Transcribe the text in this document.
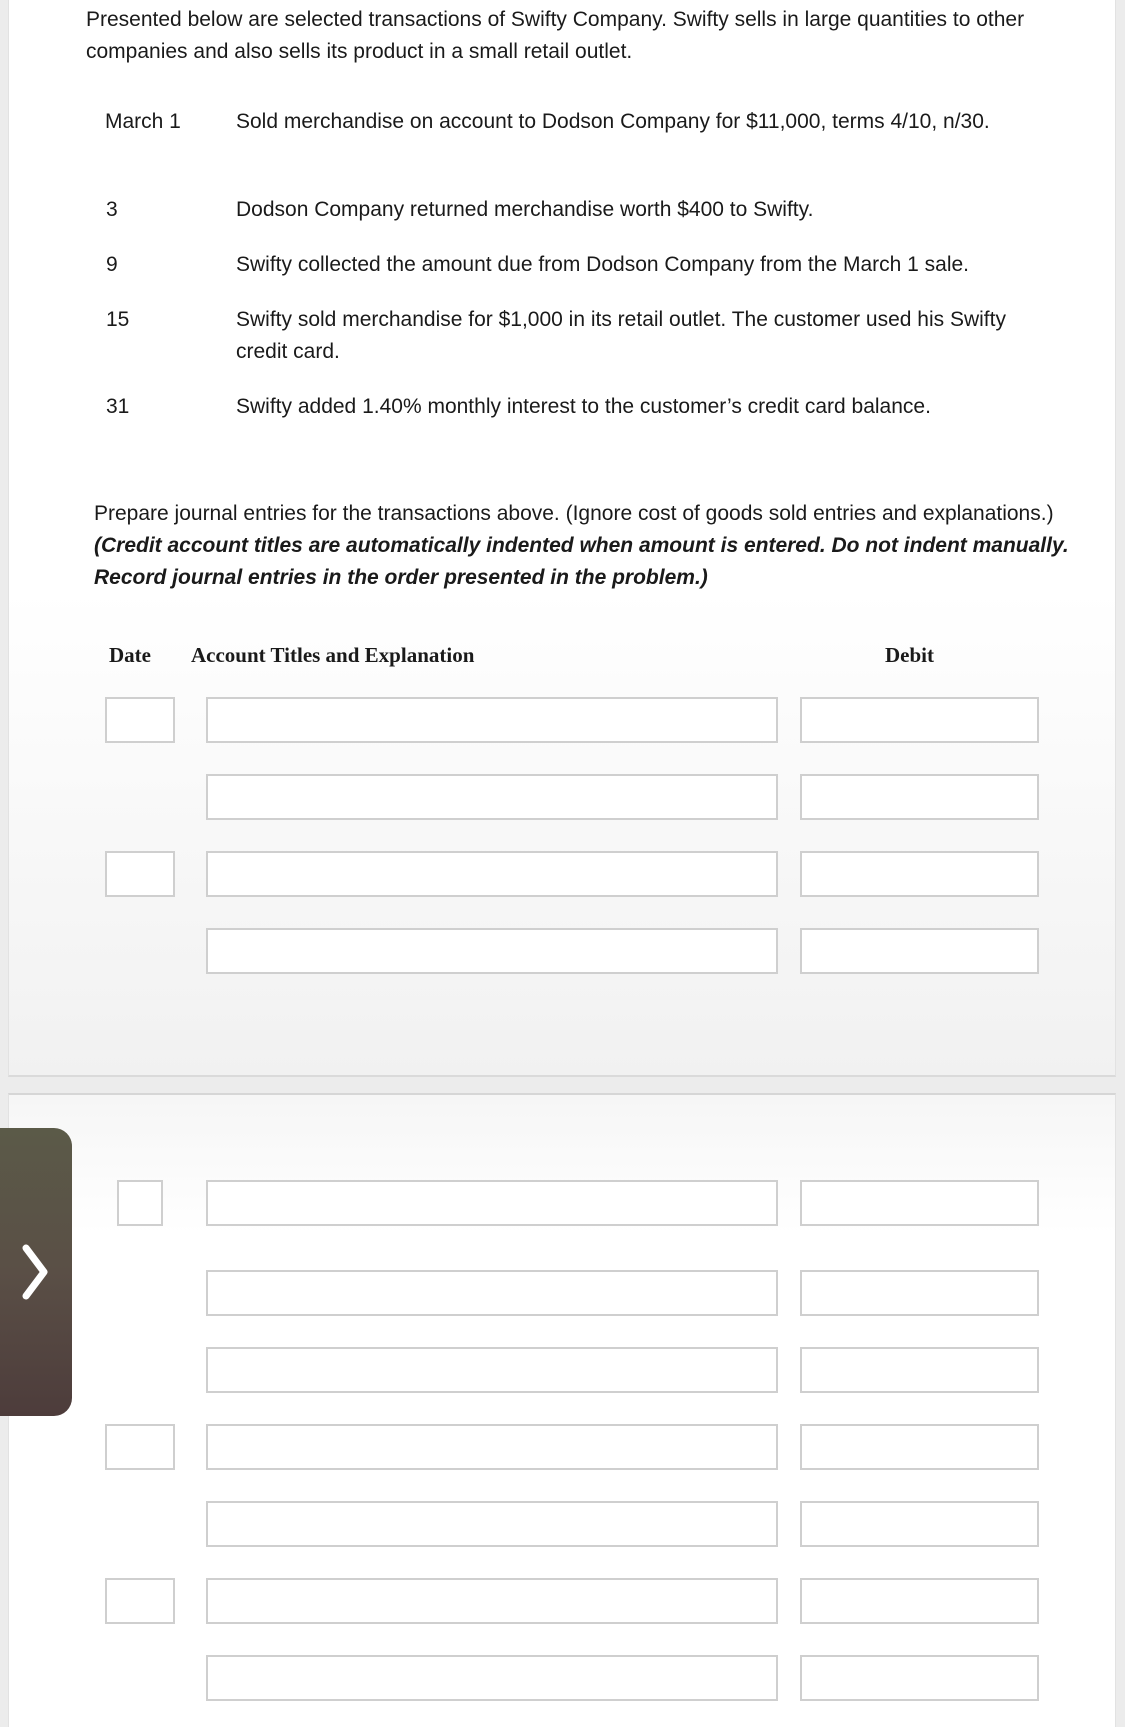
Presented below are selected transactions of Swifty Company. Swifty sells in large quantities to other companies and also sells its product in a small retail outlet.

March 1	Sold merchandise on account to Dodson Company for $11,000, terms 4/10, n/30.
3	Dodson Company returned merchandise worth $400 to Swifty.
9	Swifty collected the amount due from Dodson Company from the March 1 sale.
15	Swifty sold merchandise for $1,000 in its retail outlet. The customer used his Swifty credit card.
31	Swifty added 1.40% monthly interest to the customer’s credit card balance.

Prepare journal entries for the transactions above. (Ignore cost of goods sold entries and explanations.) (Credit account titles are automatically indented when amount is entered. Do not indent manually. Record journal entries in the order presented in the problem.)

Date Account Titles and Explanation	Debit
